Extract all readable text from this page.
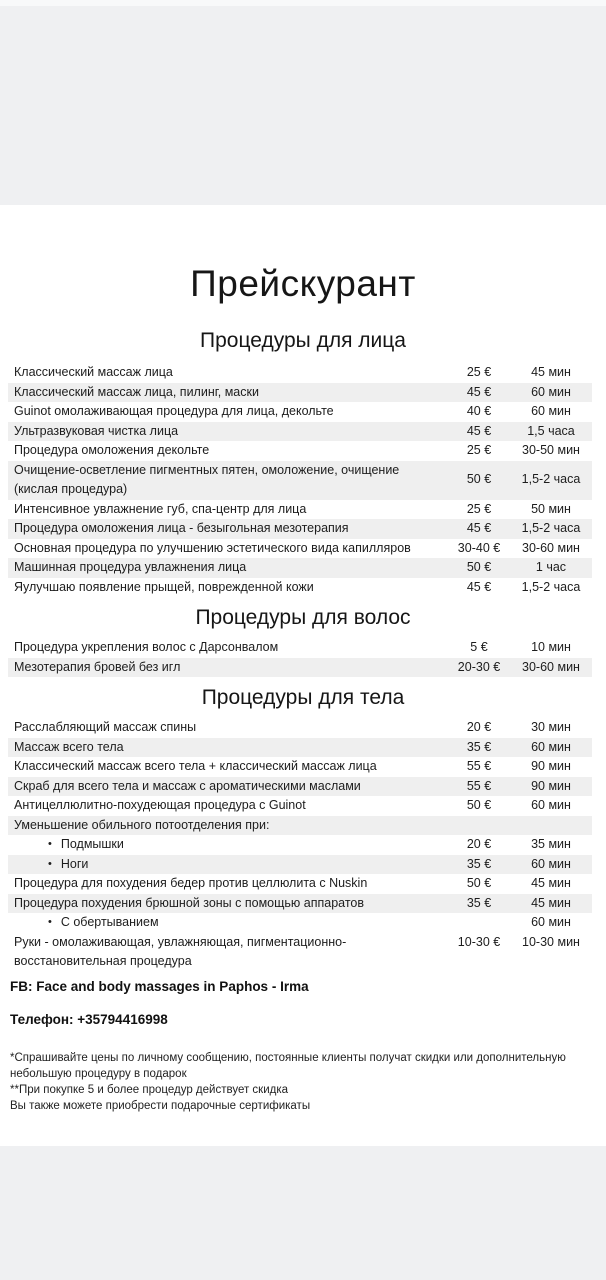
Прейскурант
Процедуры для лица
Классический массаж лица	25 €	45 мин
Классический массаж лица, пилинг, маски	45 €	60 мин
Guinot омолаживающая процедура для лица, декольте	40 €	60 мин
Ультразвуковая чистка лица	45 €	1,5 часа
Процедура омоложения декольте	25 €	30-50 мин
Очищение-осветление пигментных пятен, омоложение, очищение (кислая процедура)
50 €	1,5-2 часа
Интенсивное увлажнение губ, спа-центр для лица	25 €	50 мин
Процедура омоложения лица - безыгольная мезотерапия	45 €	1,5-2 часа
Основная процедура по улучшению эстетического вида капилляров	30-40 €	30-60 мин
Машинная процедура увлажнения лица	50 €	1 час
Яулучшаю появление прыщей, поврежденной кожи	45 €	1,5-2 часа
Процедуры для волос
Процедура укрепления волос с Дарсонвалом	5 €	10 мин
Мезотерапия бровей без игл	20-30 €	30-60 мин
Процедуры для тела
Расслабляющий массаж спины	20 €	30 мин
Массаж всего тела	35 €	60 мин
Классический массаж всего тела + классический массаж лица	55 €	90 мин
Скраб для всего тела и массаж с ароматическими маслами	55 €	90 мин
Антицеллюлитно-похудеющая процедура с Guinot	50 €	60 мин
Уменьшение обильного потоотделения при:
• Подмышки	20 €	35 мин
• Ноги	35 €	60 мин
Процедура для похудения бедер против целлюлита с Nuskin	50 €	45 мин
Процедура похудения брюшной зоны с помощью аппаратов	35 €	45 мин
• С обертыванием	60 мин
Руки - омолаживающая, увлажняющая, пигментационно-восстановительная процедура
10-30 €	10-30 мин
FB: Face and body massages in Paphos - Irma
Телефон: +35794416998
*Спрашивайте цены по личному сообщению, постоянные клиенты получат скидки или дополнительную небольшую процедуру в подарок
**При покупке 5 и более процедур действует скидка
Вы также можете приобрести подарочные сертификаты
